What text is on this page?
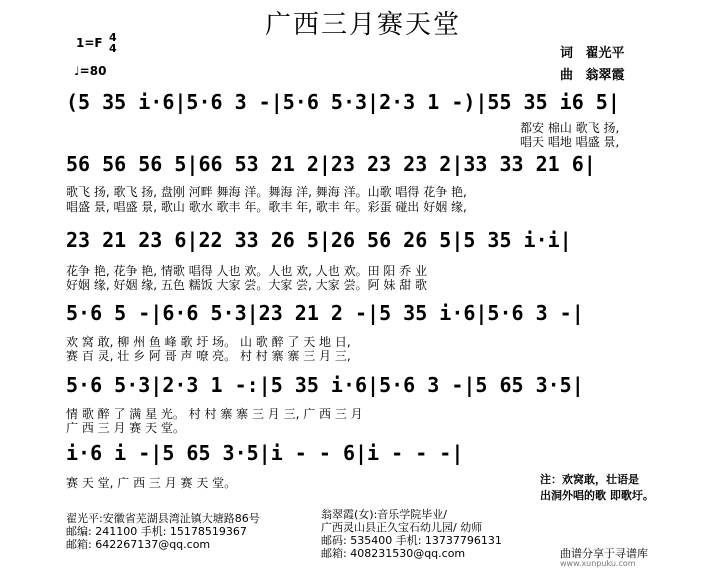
广西三月赛天堂
1=F 4
4
♩=80
词 翟光平
曲 翁翠霞
(5 35 i·6|5·6 3 -|5·6 5·3|2·3 1 -)|55 35 i6 5|
都安 棉山 歌飞 扬,
唱天 唱地 唱盛 景,
56 56 56 5|66 53 21 2|23 23 23 2|33 33 21 6|
歌飞 扬, 歌飞 扬, 盘刚 河畔 舞海 洋。舞海 洋, 舞海 洋。山歌 唱得 花争 艳,
唱盛 景, 唱盛 景, 歌山 歌水 歌丰 年。歌丰 年, 歌丰 年。彩蛋 碰出 好姻 缘,
23 21 23 6|22 33 26 5|26 56 26 5|5 35 i·i|
花争 艳, 花争 艳, 情歌 唱得 人也 欢。人也 欢, 人也 欢。田 阳 乔 业
好姻 缘, 好姻 缘, 五色 糯饭 大家 尝。大家 尝, 大家 尝。阿 妹 甜 歌
5·6 5 -|6·6 5·3|23 21 2 -|5 35 i·6|5·6 3 -|
欢 窝 敢, 柳 州 鱼 峰 歌 圩 场。 山 歌 醉 了 天 地 日,
赛 百 灵, 壮 乡 阿 哥 声 嘹 亮。 村 村 寨 寨 三 月 三,
5·6 5·3|2·3 1 -:|5 35 i·6|5·6 3 -|5 65 3·5|
情 歌 醉 了 满 星 光。 村 村 寨 寨 三 月 三, 广 西 三 月
广 西 三 月 赛 天 堂。
i·6 i -|5 65 3·5|i - - 6|i - - -|
赛 天 堂, 广 西 三 月 赛 天 堂。	注：欢窝敢，壮语是
出洞外唱的歌 即歌圩。
翟光平:安徽省芜湖县湾沚镇大塘路86号
邮编: 241100 手机: 15178519367
邮箱: 642267137@qq.com
翁翠霞(女):音乐学院毕业/
广西灵山县正久宝石幼儿园/ 幼师
邮码: 535400 手机: 13737796131
邮箱: 408231530@qq.com	曲谱分享于寻谱库
www.xunpuku.com
